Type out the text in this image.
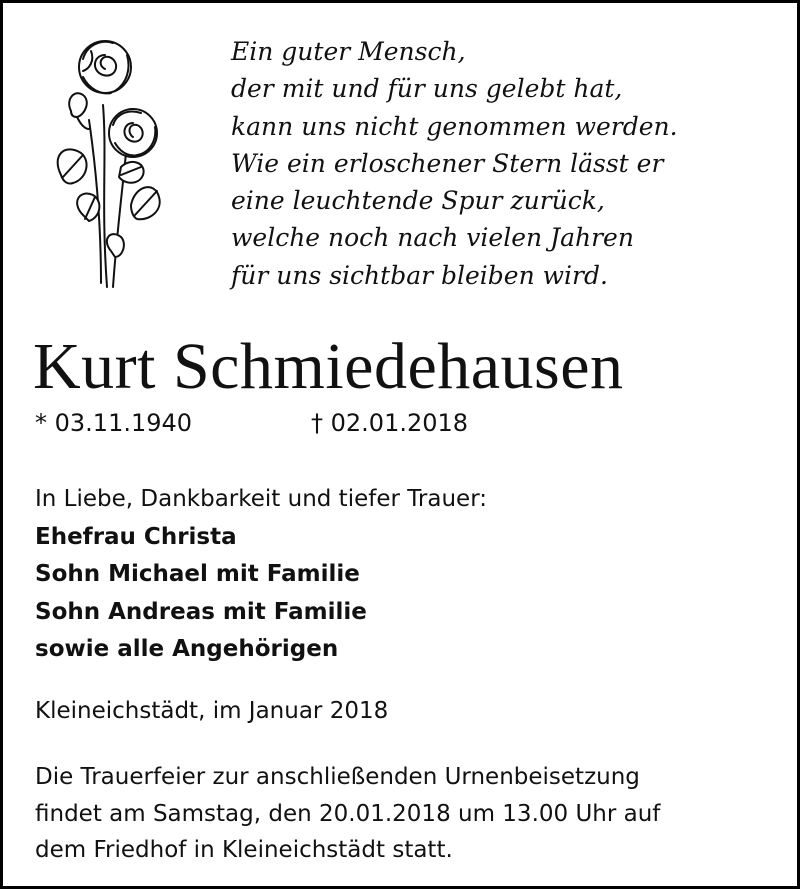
Ein guter Mensch,
der mit und für uns gelebt hat,
kann uns nicht genommen werden.
Wie ein erloschener Stern lässt er
eine leuchtende Spur zurück,
welche noch nach vielen Jahren
für uns sichtbar bleiben wird.
Kurt Schmiedehausen
* 03.11.1940	† 02.01.2018
In Liebe, Dankbarkeit und tiefer Trauer:
Ehefrau Christa
Sohn Michael mit Familie
Sohn Andreas mit Familie
sowie alle Angehörigen
Kleineichstädt, im Januar 2018
Die Trauerfeier zur anschließenden Urnenbeisetzung
findet am Samstag, den 20.01.2018 um 13.00 Uhr auf
dem Friedhof in Kleineichstädt statt.
